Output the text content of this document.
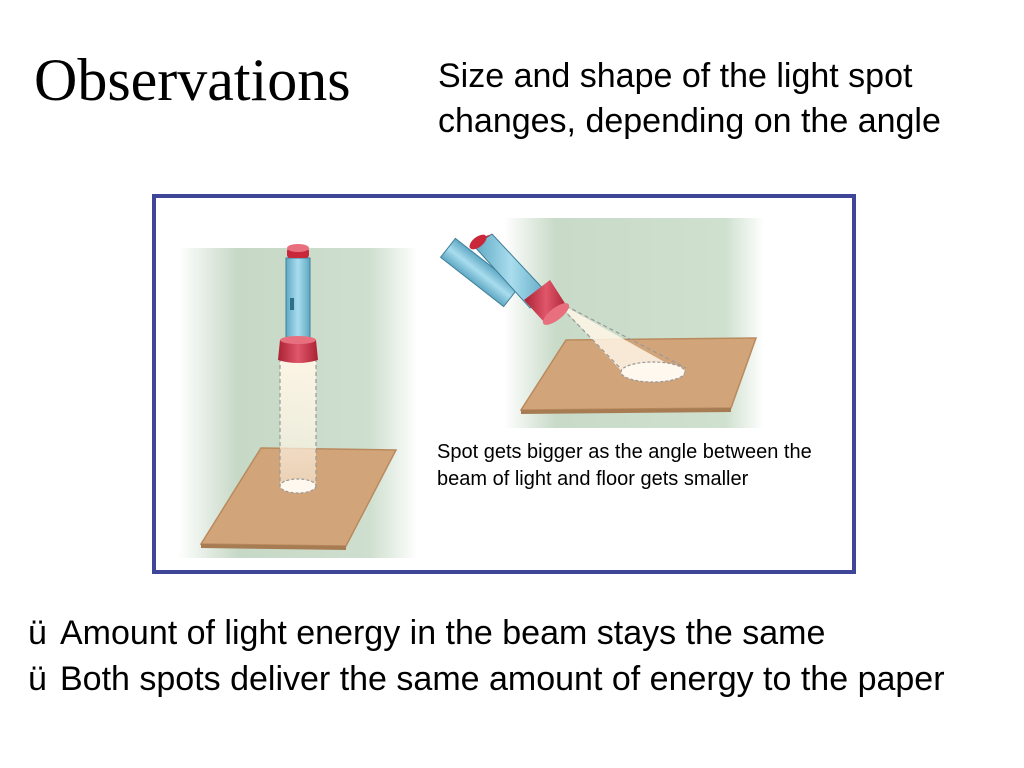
Observations	Size and shape of the light spot changes, depending on the angle
Spot gets bigger as the angle between the beam of light and floor gets smaller
ü Amount of light energy in the beam stays the same
ü Both spots deliver the same amount of energy to the paper
